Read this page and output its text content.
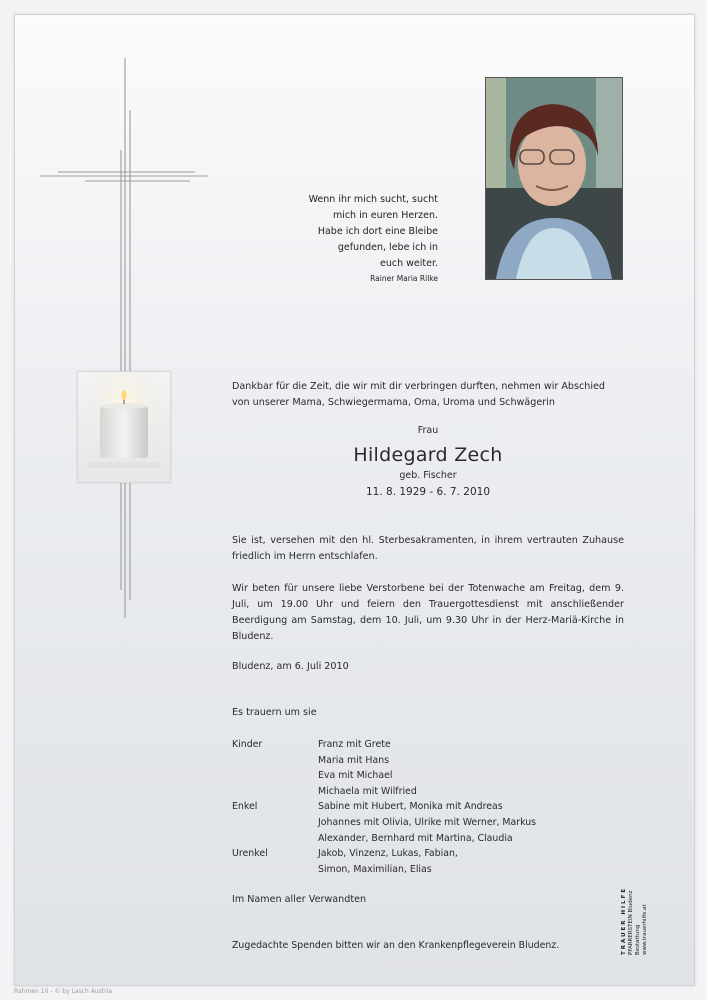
Wenn ihr mich sucht, sucht
mich in euren Herzen.
Habe ich dort eine Bleibe
gefunden, lebe ich in
euch weiter.
Rainer Maria Rilke
Dankbar für die Zeit, die wir mit dir verbringen durften, nehmen wir Abschied von unserer Mama, Schwiegermama, Oma, Uroma und Schwägerin
Frau
Hildegard Zech
geb. Fischer
11. 8. 1929 - 6. 7. 2010
Sie ist, versehen mit den hl. Sterbesakramenten, in ihrem vertrauten Zuhause friedlich im Herrn entschlafen.
Wir beten für unsere liebe Verstorbene bei der Totenwache am Freitag, dem 9. Juli, um 19.00 Uhr und feiern den Trauergottesdienst mit anschließender Beerdigung am Samstag, dem 10. Juli, um 9.30 Uhr in der Herz-Mariä-Kirche in Bludenz.
Bludenz, am 6. Juli 2010
Es trauern um sie
Kinder	Franz mit Grete
Maria mit Hans
Eva mit Michael
Michaela mit Wilfried
Enkel	Sabine mit Hubert, Monika mit Andreas
Johannes mit Olivia, Ulrike mit Werner, Markus
Alexander, Bernhard mit Martina, Claudia
Urenkel	Jakob, Vinzenz, Lukas, Fabian,
Simon, Maximilian, Elias
Im Namen aller Verwandten
Zugedachte Spenden bitten wir an den Krankenpflegeverein Bludenz.	TRAUER HILFE PFARRERSTEIN Bludenz Bestattung www.trauerhilfe.at
Rahmen 10 - © by Lasch Austria
